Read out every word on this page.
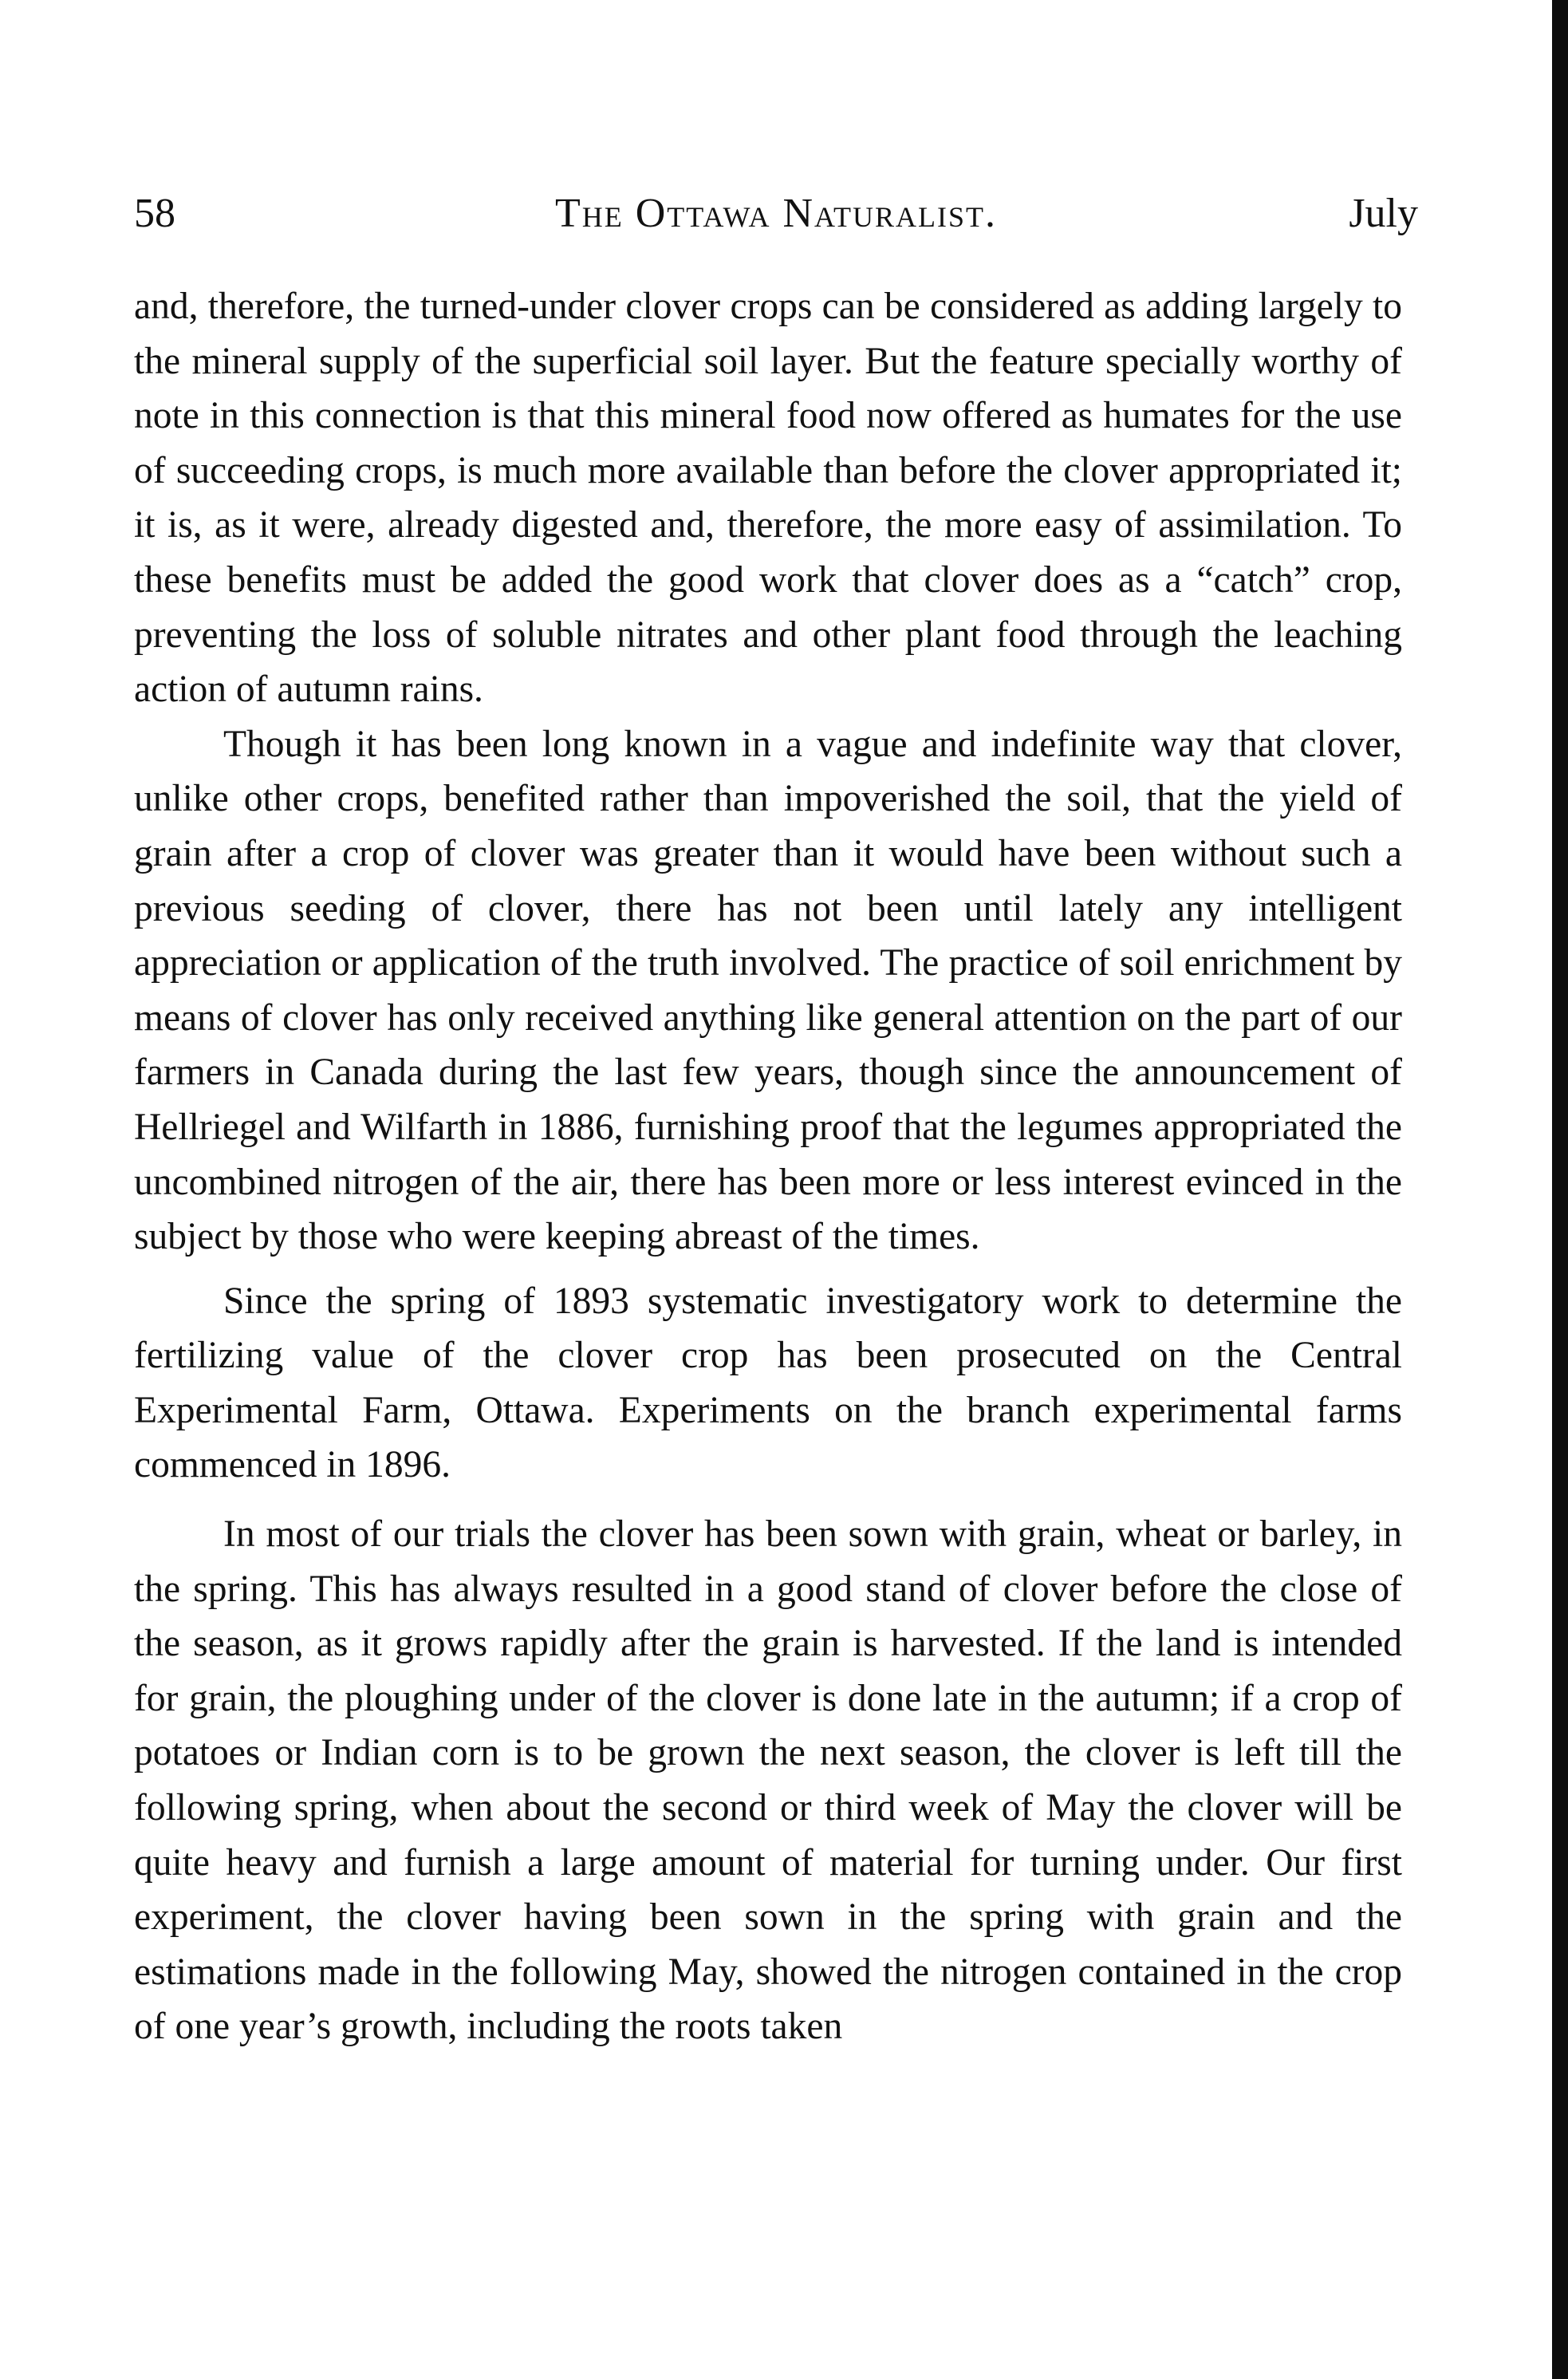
58	The Ottawa Naturalist.	July

and, therefore, the turned-under clover crops can be considered as adding largely to the mineral supply of the superficial soil layer. But the feature specially worthy of note in this connection is that this mineral food now offered as humates for the use of succeeding crops, is much more available than before the clover appropriated it; it is, as it were, already digested and, therefore, the more easy of assimilation. To these benefits must be added the good work that clover does as a “catch” crop, preventing the loss of soluble nitrates and other plant food through the leaching action of autumn rains.

Though it has been long known in a vague and indefinite way that clover, unlike other crops, benefited rather than impoverished the soil, that the yield of grain after a crop of clover was greater than it would have been without such a previous seeding of clover, there has not been until lately any intelligent appreciation or application of the truth involved. The practice of soil enrichment by means of clover has only received anything like general attention on the part of our farmers in Canada during the last few years, though since the announcement of Hellriegel and Wilfarth in 1886, furnishing proof that the legumes appropriated the uncombined nitrogen of the air, there has been more or less interest evinced in the subject by those who were keeping abreast of the times.

Since the spring of 1893 systematic investigatory work to determine the fertilizing value of the clover crop has been prosecuted on the Central Experimental Farm, Ottawa. Experiments on the branch experimental farms commenced in 1896.

In most of our trials the clover has been sown with grain, wheat or barley, in the spring. This has always resulted in a good stand of clover before the close of the season, as it grows rapidly after the grain is harvested. If the land is intended for grain, the ploughing under of the clover is done late in the autumn; if a crop of potatoes or Indian corn is to be grown the next season, the clover is left till the following spring, when about the second or third week of May the clover will be quite heavy and furnish a large amount of material for turning under. Our first experiment, the clover having been sown in the spring with grain and the estimations made in the following May, showed the nitrogen contained in the crop of one year’s growth, including the roots taken
